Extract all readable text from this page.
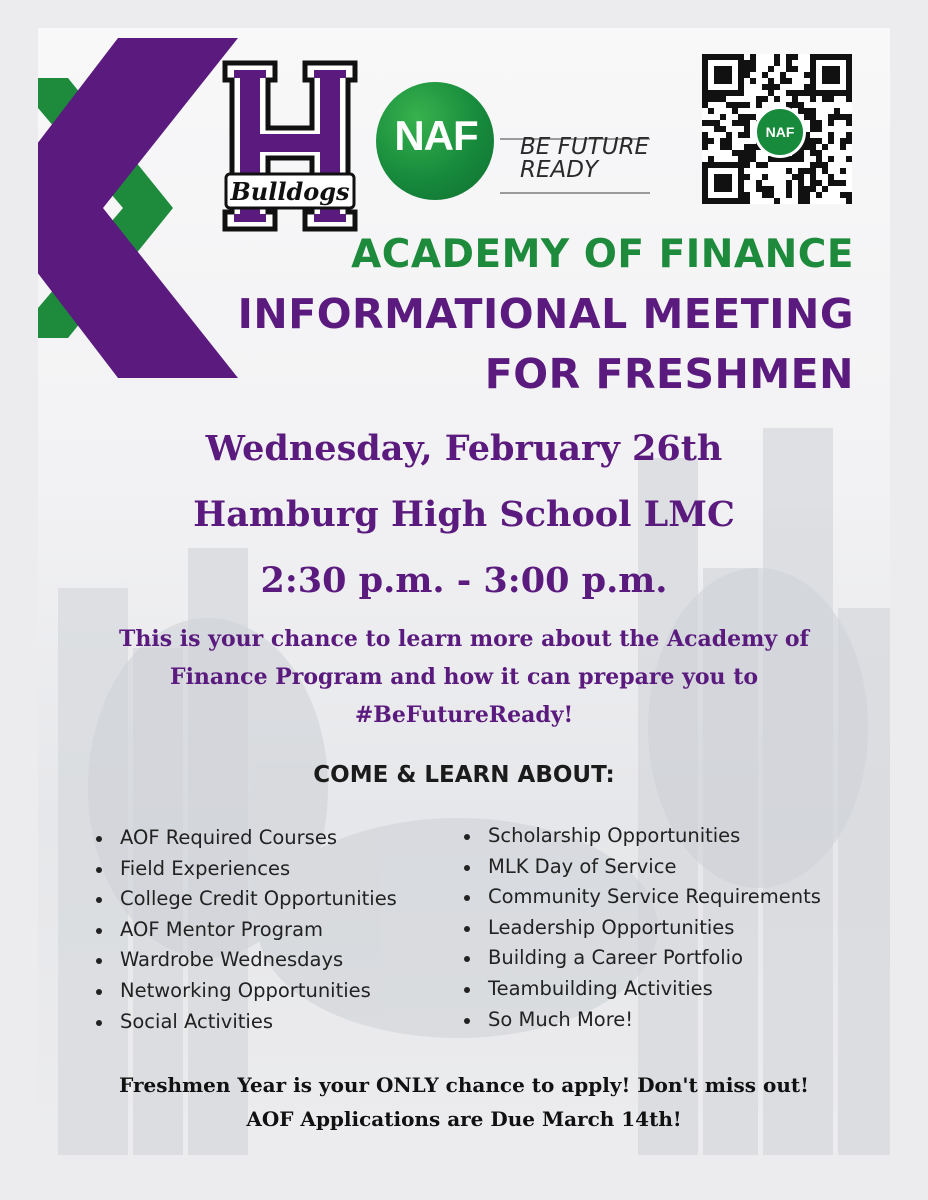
Bulldogs
NAF BE FUTURE
READY
NAF
ACADEMY OF FINANCE
INFORMATIONAL MEETING
FOR FRESHMEN
Wednesday, February 26th
Hamburg High School LMC
2:30 p.m. - 3:00 p.m.
This is your chance to learn more about the Academy of Finance Program and how it can prepare you to #BeFutureReady!
COME & LEARN ABOUT:
AOF Required Courses
Field Experiences
College Credit Opportunities
AOF Mentor Program
Wardrobe Wednesdays
Networking Opportunities
Social Activities
Scholarship Opportunities
MLK Day of Service
Community Service Requirements
Leadership Opportunities
Building a Career Portfolio
Teambuilding Activities
So Much More!
Freshmen Year is your ONLY chance to apply! Don't miss out!
AOF Applications are Due March 14th!
